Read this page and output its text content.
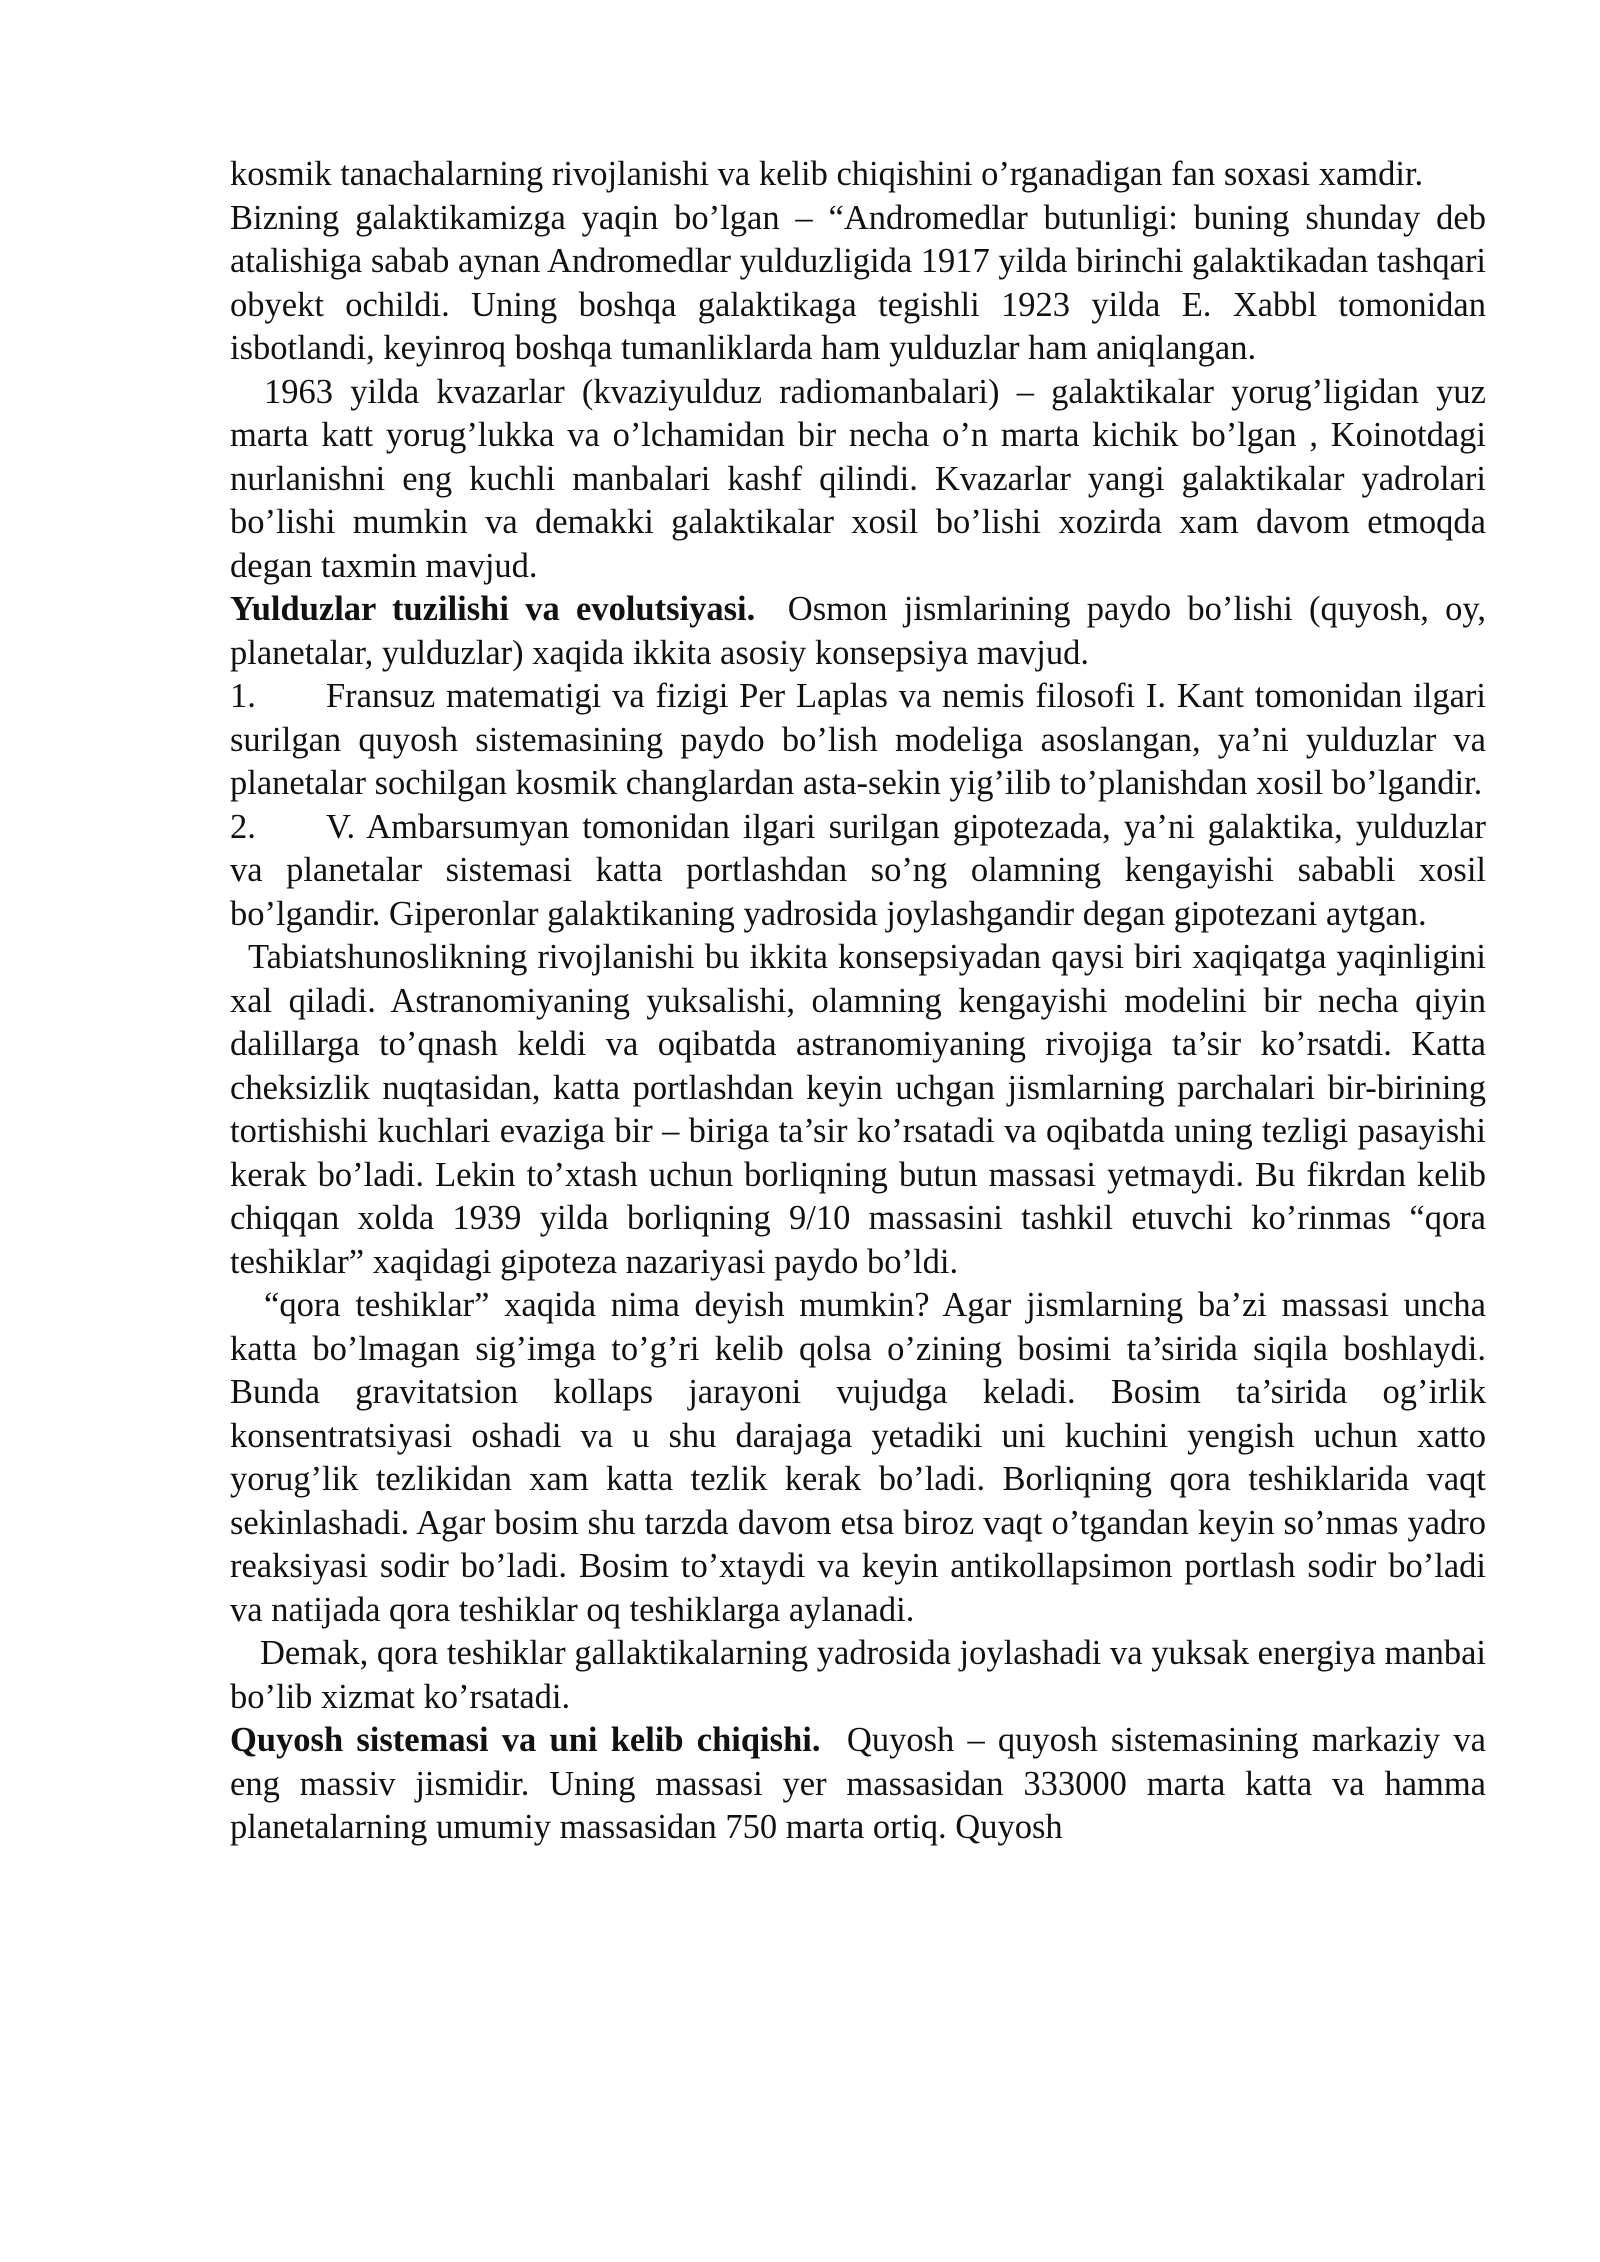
kosmik tanachalarning rivojlanishi va kelib chiqishini o’rganadigan fan soxasi xamdir.

Bizning galaktikamizga yaqin bo’lgan – “Andromedlar butunligi: buning shunday deb atalishiga sabab aynan Andromedlar yulduzligida 1917 yilda birinchi galaktikadan tashqari obyekt ochildi. Uning boshqa galaktikaga tegishli 1923 yilda E. Xabbl tomonidan isbotlandi, keyinroq boshqa tumanliklarda ham yulduzlar ham aniqlangan.

1963 yilda kvazarlar (kvaziyulduz radiomanbalari) – galaktikalar yorug’ligidan yuz marta katt yorug’lukka va o’lchamidan bir necha o’n marta kichik bo’lgan , Koinotdagi nurlanishni eng kuchli manbalari kashf qilindi. Kvazarlar yangi galaktikalar yadrolari bo’lishi mumkin va demakki galaktikalar xosil bo’lishi xozirda xam davom etmoqda degan taxmin mavjud.

Yulduzlar tuzilishi va evolutsiyasi. Osmon jismlarining paydo bo’lishi (quyosh, oy, planetalar, yulduzlar) xaqida ikkita asosiy konsepsiya mavjud.

1. Fransuz matematigi va fizigi Per Laplas va nemis filosofi I. Kant tomonidan ilgari surilgan quyosh sistemasining paydo bo’lish modeliga asoslangan, ya’ni yulduzlar va planetalar sochilgan kosmik changlardan asta-sekin yig’ilib to’planishdan xosil bo’lgandir.

2. V. Ambarsumyan tomonidan ilgari surilgan gipotezada, ya’ni galaktika, yulduzlar va planetalar sistemasi katta portlashdan so’ng olamning kengayishi sababli xosil bo’lgandir. Giperonlar galaktikaning yadrosida joylashgandir degan gipotezani aytgan.

Tabiatshunoslikning rivojlanishi bu ikkita konsepsiyadan qaysi biri xaqiqatga yaqinligini xal qiladi. Astranomiyaning yuksalishi, olamning kengayishi modelini bir necha qiyin dalillarga to’qnash keldi va oqibatda astranomiyaning rivojiga ta’sir ko’rsatdi. Katta cheksizlik nuqtasidan, katta portlashdan keyin uchgan jismlarning parchalari bir-birining tortishishi kuchlari evaziga bir – biriga ta’sir ko’rsatadi va oqibatda uning tezligi pasayishi kerak bo’ladi. Lekin to’xtash uchun borliqning butun massasi yetmaydi. Bu fikrdan kelib chiqqan xolda 1939 yilda borliqning 9/10 massasini tashkil etuvchi ko’rinmas “qora teshiklar” xaqidagi gipoteza nazariyasi paydo bo’ldi.

“qora teshiklar” xaqida nima deyish mumkin? Agar jismlarning ba’zi massasi uncha katta bo’lmagan sig’imga to’g’ri kelib qolsa o’zining bosimi ta’sirida siqila boshlaydi. Bunda gravitatsion kollaps jarayoni vujudga keladi. Bosim ta’sirida og’irlik konsentratsiyasi oshadi va u shu darajaga yetadiki uni kuchini yengish uchun xatto yorug’lik tezlikidan xam katta tezlik kerak bo’ladi. Borliqning qora teshiklarida vaqt sekinlashadi. Agar bosim shu tarzda davom etsa biroz vaqt o’tgandan keyin so’nmas yadro reaksiyasi sodir bo’ladi. Bosim to’xtaydi va keyin antikollapsimon portlash sodir bo’ladi va natijada qora teshiklar oq teshiklarga aylanadi.

Demak, qora teshiklar gallaktikalarning yadrosida joylashadi va yuksak energiya manbai bo’lib xizmat ko’rsatadi.

Quyosh sistemasi va uni kelib chiqishi. Quyosh – quyosh sistemasining markaziy va eng massiv jismidir. Uning massasi yer massasidan 333000 marta katta va hamma planetalarning umumiy massasidan 750 marta ortiq. Quyosh
